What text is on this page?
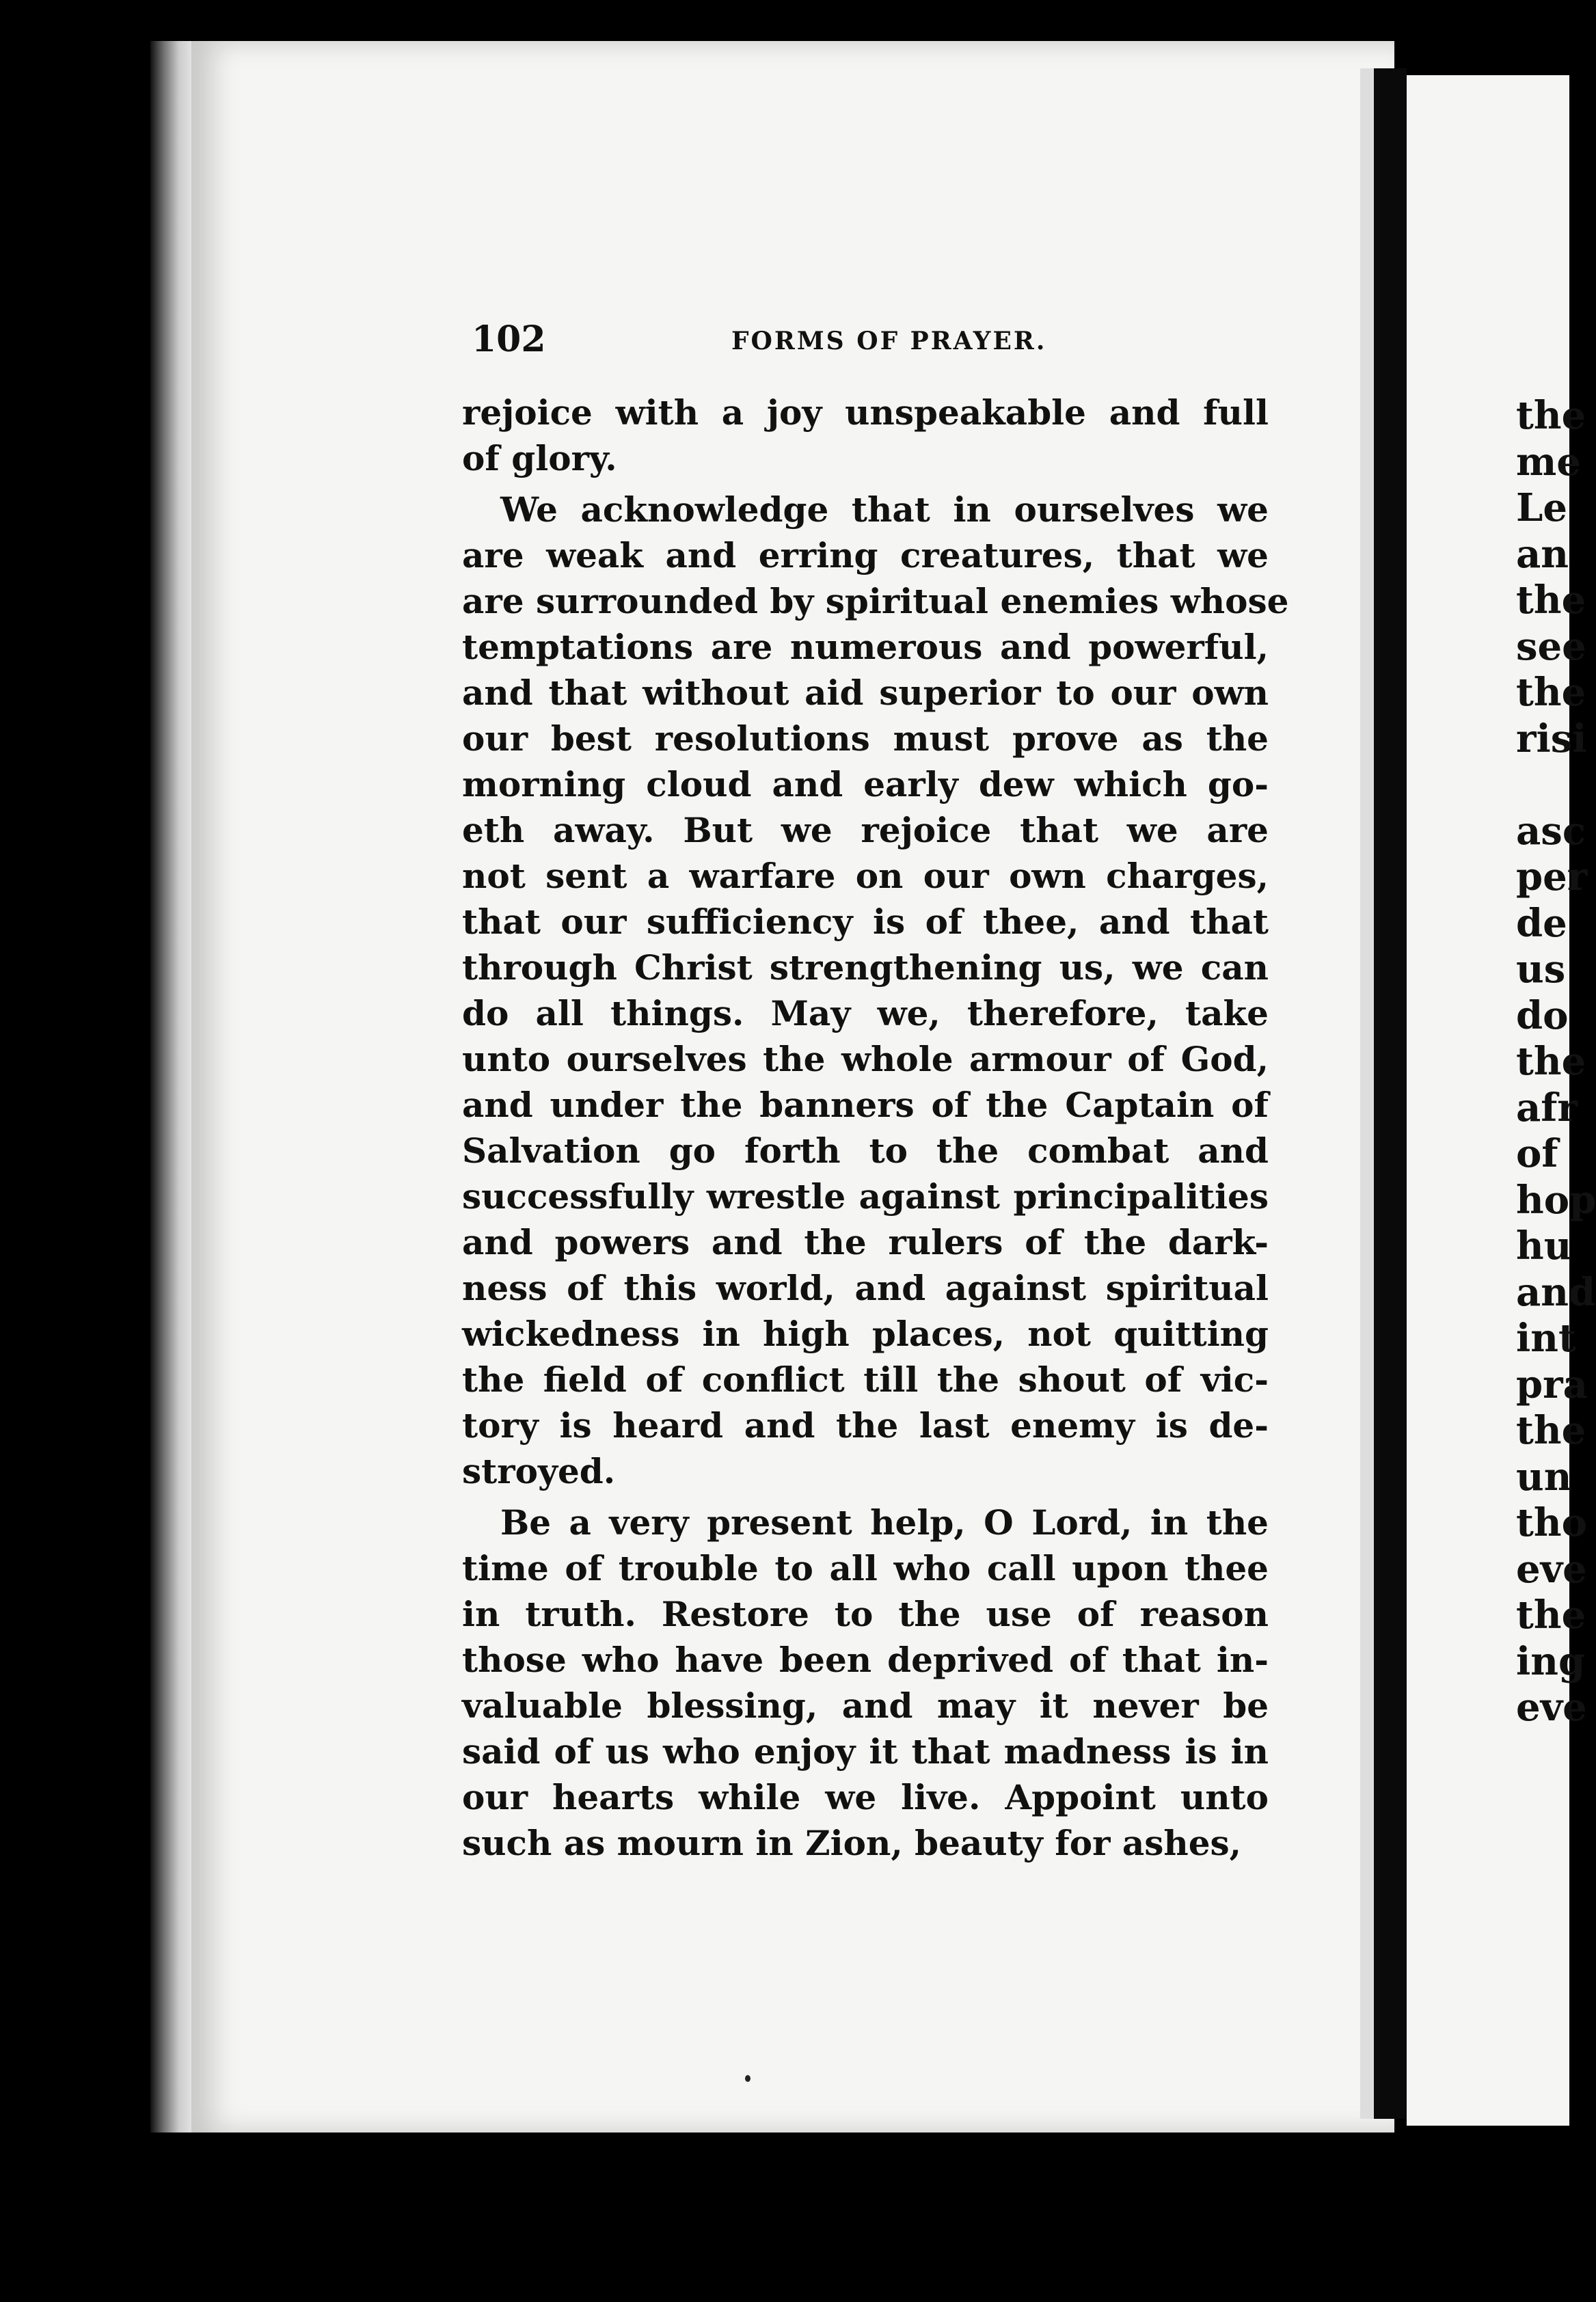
the
me
Le
an
the
see
the
risi
asc
per
de
us
do
the
afr
of
hop
hu
and
int
pra
the
un
tho
eve
the
ing
eve
102	FORMS OF PRAYER.
rejoice with a joy unspeakable and full
of glory.
We acknowledge that in ourselves we
are weak and erring creatures, that we
are surrounded by spiritual enemies whose
temptations are numerous and powerful,
and that without aid superior to our own
our best resolutions must prove as the
morning cloud and early dew which go-
eth away. But we rejoice that we are
not sent a warfare on our own charges,
that our sufficiency is of thee, and that
through Christ strengthening us, we can
do all things. May we, therefore, take
unto ourselves the whole armour of God,
and under the banners of the Captain of
Salvation go forth to the combat and
successfully wrestle against principalities
and powers and the rulers of the dark-
ness of this world, and against spiritual
wickedness in high places, not quitting
the field of conflict till the shout of vic-
tory is heard and the last enemy is de-
stroyed.
Be a very present help, O Lord, in the
time of trouble to all who call upon thee
in truth. Restore to the use of reason
those who have been deprived of that in-
valuable blessing, and may it never be
said of us who enjoy it that madness is in
our hearts while we live. Appoint unto
such as mourn in Zion, beauty for ashes,
